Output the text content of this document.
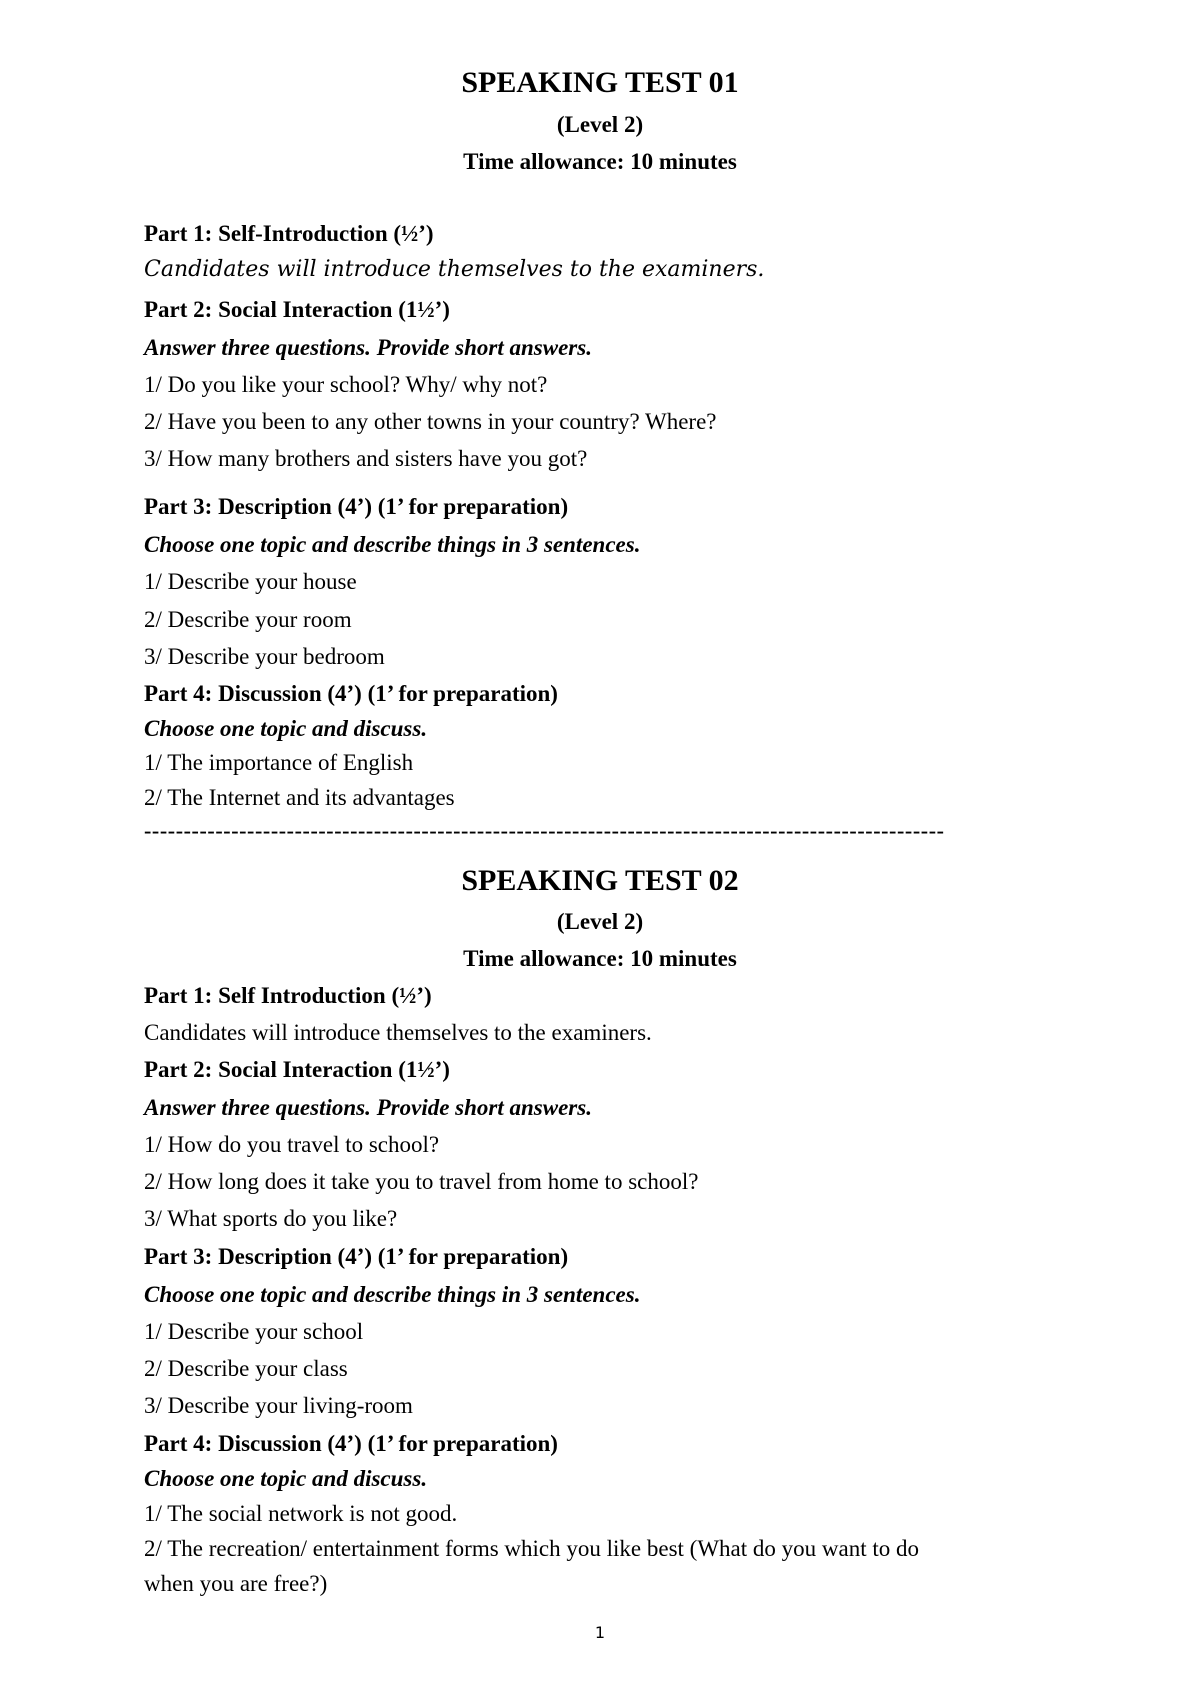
SPEAKING TEST 01
(Level 2)
Time allowance: 10 minutes
Part 1: Self-Introduction (½’)
Candidates will introduce themselves to the examiners.
Part 2: Social Interaction (1½’)
Answer three questions. Provide short answers.
1/ Do you like your school? Why/ why not?
2/ Have you been to any other towns in your country? Where?
3/ How many brothers and sisters have you got?
Part 3: Description (4’) (1’ for preparation)
Choose one topic and describe things in 3 sentences.
1/ Describe your house
2/ Describe your room
3/ Describe your bedroom
Part 4: Discussion (4’) (1’ for preparation)
Choose one topic and discuss.
1/ The importance of English
2/ The Internet and its advantages
-----------------------------------------------------------------------------------------------------
SPEAKING TEST 02
(Level 2)
Time allowance: 10 minutes
Part 1: Self Introduction (½’)
Candidates will introduce themselves to the examiners.
Part 2: Social Interaction (1½’)
Answer three questions. Provide short answers.
1/ How do you travel to school?
2/ How long does it take you to travel from home to school?
3/ What sports do you like?
Part 3: Description (4’) (1’ for preparation)
Choose one topic and describe things in 3 sentences.
1/ Describe your school
2/ Describe your class
3/ Describe your living-room
Part 4: Discussion (4’) (1’ for preparation)
Choose one topic and discuss.
1/ The social network is not good.
2/ The recreation/ entertainment forms which you like best (What do you want to do
when you are free?)
1
